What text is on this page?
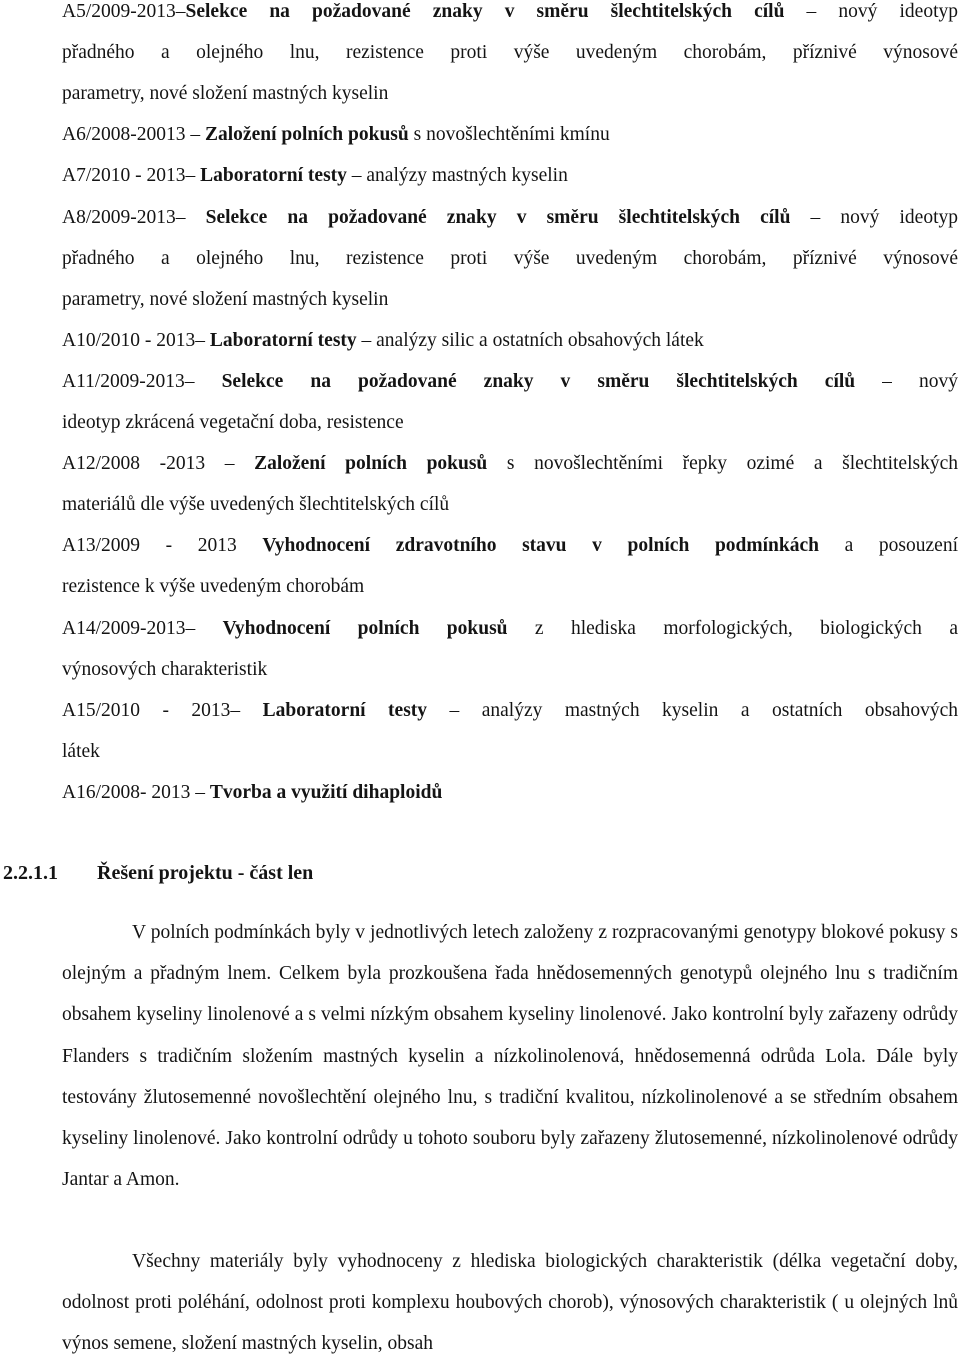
A5/2009-2013–Selekce na požadované znaky v směru šlechtitelských cílů – nový ideotyp
přadného a olejného lnu, rezistence proti výše uvedeným chorobám, příznivé výnosové
parametry, nové složení mastných kyselin
A6/2008-20013 – Založení polních pokusů s novošlechtěními kmínu
A7/2010 - 2013– Laboratorní testy – analýzy mastných kyselin
A8/2009-2013– Selekce na požadované znaky v směru šlechtitelských cílů – nový ideotyp
přadného a olejného lnu, rezistence proti výše uvedeným chorobám, příznivé výnosové
parametry, nové složení mastných kyselin
A10/2010 - 2013– Laboratorní testy – analýzy silic a ostatních obsahových látek
A11/2009-2013– Selekce na požadované znaky v směru šlechtitelských cílů – nový
ideotyp zkrácená vegetační doba, resistence
A12/2008 -2013 – Založení polních pokusů s novošlechtěními řepky ozimé a šlechtitelských
materiálů dle výše uvedených šlechtitelských cílů
A13/2009 - 2013 Vyhodnocení zdravotního stavu v polních podmínkách a posouzení
rezistence k výše uvedeným chorobám
A14/2009-2013– Vyhodnocení polních pokusů z hlediska morfologických, biologických a
výnosových charakteristik
A15/2010 - 2013– Laboratorní testy – analýzy mastných kyselin a ostatních obsahových
látek
A16/2008- 2013 – Tvorba a využití dihaploidů
2.2.1.1 Řešení projektu - část len
V polních podmínkách byly v jednotlivých letech založeny z rozpracovanými genotypy blokové pokusy s olejným a přadným lnem. Celkem byla prozkoušena řada hnědosemenných genotypů olejného lnu s tradičním obsahem kyseliny linolenové a s velmi nízkým obsahem kyseliny linolenové. Jako kontrolní byly zařazeny odrůdy Flanders s tradičním složením mastných kyselin a nízkolinolenová, hnědosemenná odrůda Lola. Dále byly testovány žlutosemenné novošlechtění olejného lnu, s tradiční kvalitou, nízkolinolenové a se středním obsahem kyseliny linolenové. Jako kontrolní odrůdy u tohoto souboru byly zařazeny žlutosemenné, nízkolinolenové odrůdy Jantar a Amon.
Všechny materiály byly vyhodnoceny z hlediska biologických charakteristik (délka vegetační doby, odolnost proti poléhání, odolnost proti komplexu houbových chorob), výnosových charakteristik ( u olejných lnů výnos semene, složení mastných kyselin, obsah
